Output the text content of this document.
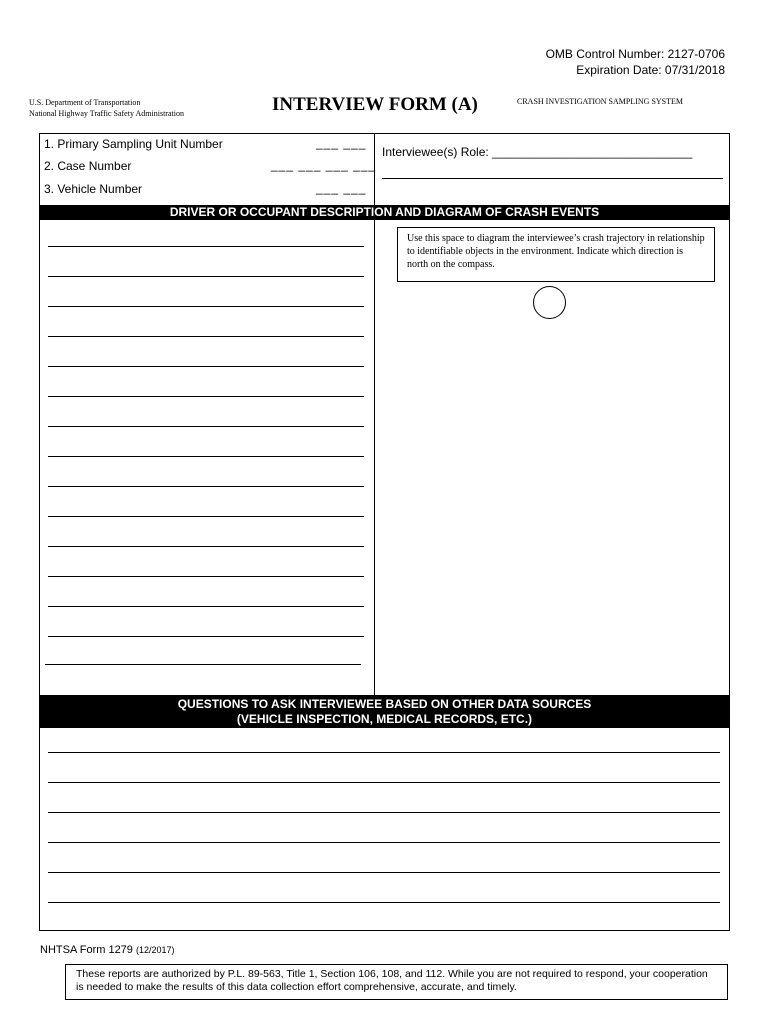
OMB Control Number: 2127-0706
Expiration Date: 07/31/2018
U.S. Department of Transportation
National Highway Traffic Safety Administration	INTERVIEW FORM (A)	CRASH INVESTIGATION SAMPLING SYSTEM
1. Primary Sampling Unit Number	___ ___
2. Case Number	___ ___ ___ ___
3. Vehicle Number	___ ___
Interviewee(s) Role: ______________________________
DRIVER OR OCCUPANT DESCRIPTION AND DIAGRAM OF CRASH EVENTS
Use this space to diagram the interviewee’s crash trajectory in relationship to identifiable objects in the environment. Indicate which direction is north on the compass.
QUESTIONS TO ASK INTERVIEWEE BASED ON OTHER DATA SOURCES
(VEHICLE INSPECTION, MEDICAL RECORDS, ETC.)
NHTSA Form 1279 (12/2017)
These reports are authorized by P.L. 89-563, Title 1, Section 106, 108, and 112. While you are not required to respond, your cooperation is needed to make the results of this data collection effort comprehensive, accurate, and timely.
